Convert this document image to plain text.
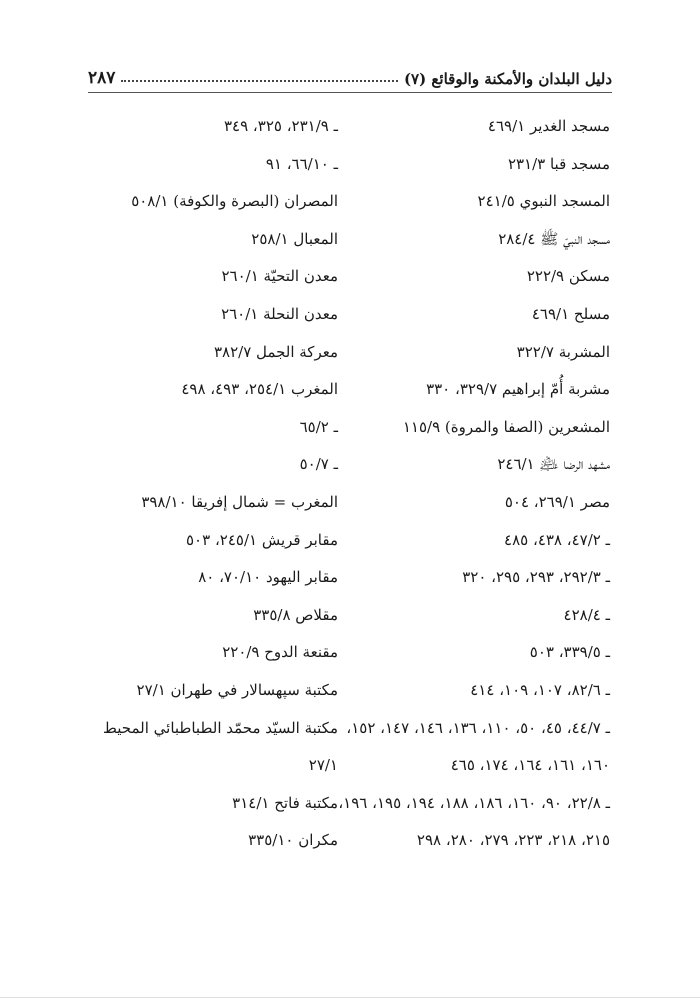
دليل البلدان والأمكنة والوقائع (٧)
٢٨٧
مسجد الغدير ٤٦٩/١
مسجد قبا ٢٣١/٣
المسجد النبوي ٢٤١/٥
مسجد النبيّ ﷺ ٢٨٤/٤
مسكن ٢٢٢/٩
مسلح ٤٦٩/١
المشربة ٣٢٢/٧
مشربة أُمّ إبراهيم ٣٢٩/٧، ٣٣٠
المشعرين (الصفا والمروة) ١١٥/٩
مشهد الرضا ﵇ ٢٤٦/١
مصر ٢٦٩/١، ٥٠٤
ـ ٤٧/٢، ٤٣٨، ٤٨٥
ـ ٢٩٢/٣، ٢٩٣، ٢٩٥، ٣٢٠
ـ ٤٢٨/٤
ـ ٣٣٩/٥، ٥٠٣
ـ ٨٢/٦، ١٠٧، ١٠٩، ٤١٤
ـ ٤٤/٧، ٤٥، ٥٠، ١١٠، ١٣٦، ١٤٦، ١٤٧، ١٥٢،
١٦٠، ١٦١، ١٦٤، ١٧٤، ٤٦٥
ـ ٢٢/٨، ٩٠، ١٦٠، ١٨٦، ١٨٨، ١٩٤، ١٩٥، ١٩٦،
٢١٥، ٢١٨، ٢٢٣، ٢٧٩، ٢٨٠، ٢٩٨
ـ ٢٣١/٩، ٣٢٥، ٣٤٩
ـ ٦٦/١٠، ٩١
المصران (البصرة والكوفة) ٥٠٨/١
المعبال ٢٥٨/١
معدن التحيّة ٢٦٠/١
معدن النحلة ٢٦٠/١
معركة الجمل ٣٨٢/٧
المغرب ٢٥٤/١، ٤٩٣، ٤٩٨
ـ ٦٥/٢
ـ ٥٠/٧
المغرب = شمال إفريقا ٣٩٨/١٠
مقابر قريش ٢٤٥/١، ٥٠٣
مقابر اليهود ٧٠/١٠، ٨٠
مقلاص ٣٣٥/٨
مقنعة الدوح ٢٢٠/٩
مكتبة سپهسالار في طهران ٢٧/١
مكتبة السيّد محمّد الطباطبائي المحيط
٢٧/١
مكتبة فاتح ٣١٤/١
مكران ٣٣٥/١٠
